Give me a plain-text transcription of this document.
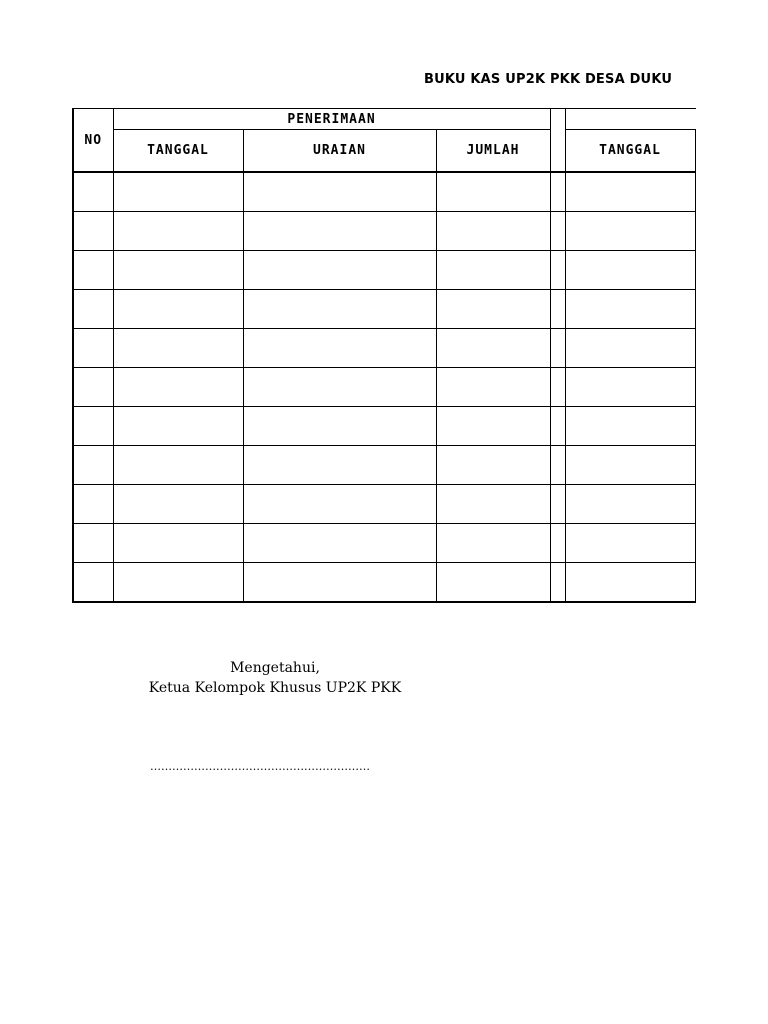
BUKU KAS UP2K PKK DESA DUKU
NO	PENERIMAAN					
	TANGGAL	URAIAN	JUMLAH		TANGGAL	

Mengetahui,
Ketua Kelompok Khusus UP2K PKK
……………………………………………………
